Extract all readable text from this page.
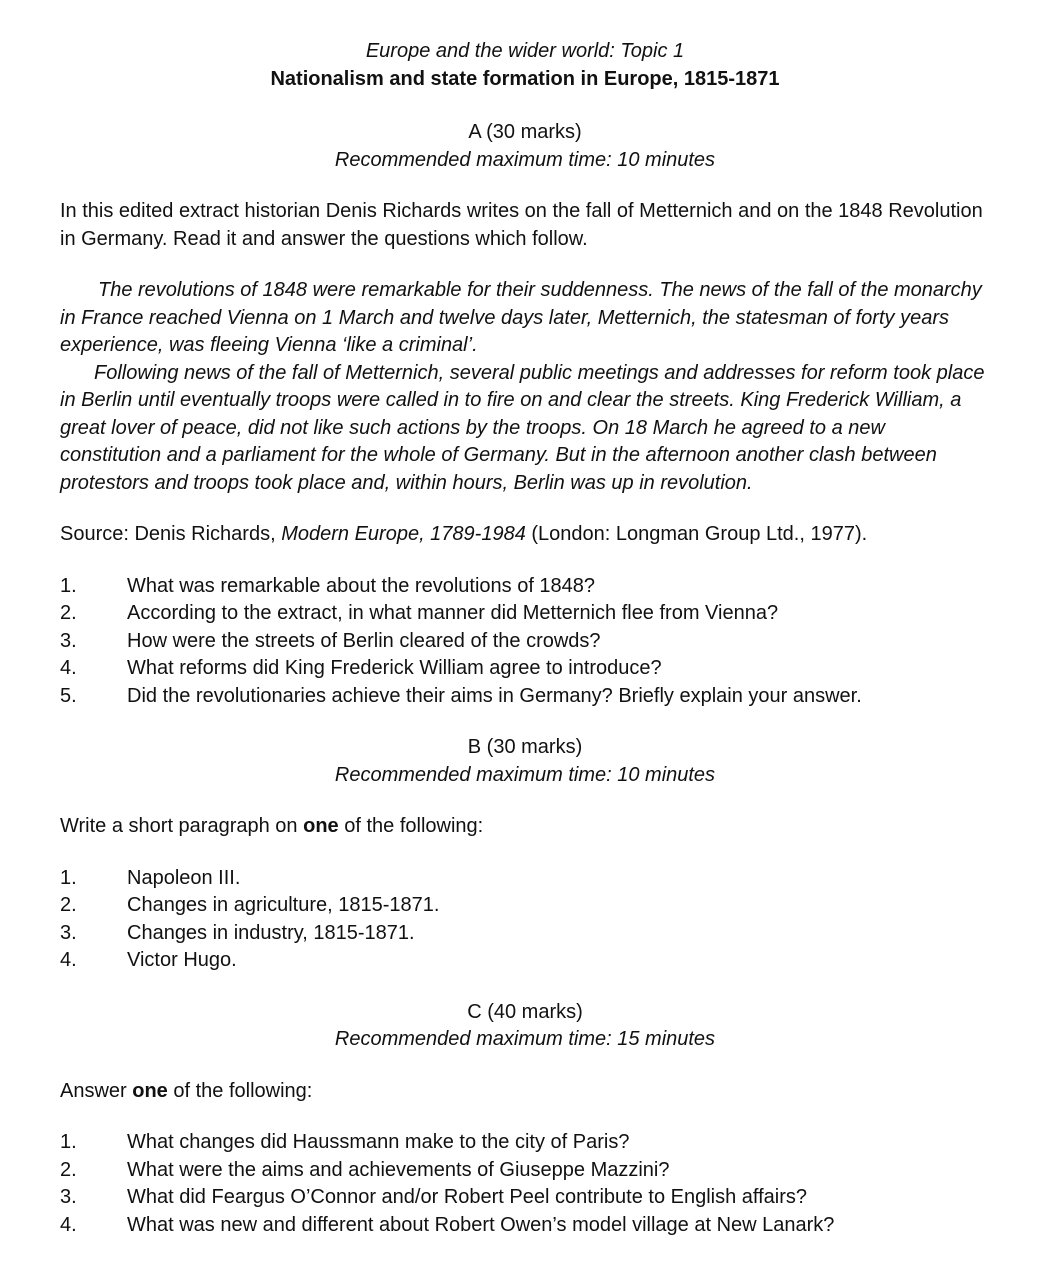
Europe and the wider world: Topic 1

Nationalism and state formation in Europe, 1815-1871

A (30 marks)

Recommended maximum time: 10 minutes

In this edited extract historian Denis Richards writes on the fall of Metternich and on the 1848 Revolution in Germany. Read it and answer the questions which follow.

The revolutions of 1848 were remarkable for their suddenness. The news of the fall of the monarchy in France reached Vienna on 1 March and twelve days later, Metternich, the statesman of forty years experience, was fleeing Vienna ‘like a criminal’.

Following news of the fall of Metternich, several public meetings and addresses for reform took place in Berlin until eventually troops were called in to fire on and clear the streets. King Frederick William, a great lover of peace, did not like such actions by the troops. On 18 March he agreed to a new constitution and a parliament for the whole of Germany. But in the afternoon another clash between protestors and troops took place and, within hours, Berlin was up in revolution.

Source: Denis Richards, Modern Europe, 1789-1984 (London: Longman Group Ltd., 1977).

1.	What was remarkable about the revolutions of 1848?
2.	According to the extract, in what manner did Metternich flee from Vienna?
3.	How were the streets of Berlin cleared of the crowds?
4.	What reforms did King Frederick William agree to introduce?
5.	Did the revolutionaries achieve their aims in Germany? Briefly explain your answer.

B (30 marks)

Recommended maximum time: 10 minutes

Write a short paragraph on one of the following:

1.	Napoleon III.
2.	Changes in agriculture, 1815-1871.
3.	Changes in industry, 1815-1871.
4.	Victor Hugo.

C (40 marks)

Recommended maximum time: 15 minutes

Answer one of the following:

1.	What changes did Haussmann make to the city of Paris?
2.	What were the aims and achievements of Giuseppe Mazzini?
3.	What did Feargus O’Connor and/or Robert Peel contribute to English affairs?
4.	What was new and different about Robert Owen’s model village at New Lanark?
